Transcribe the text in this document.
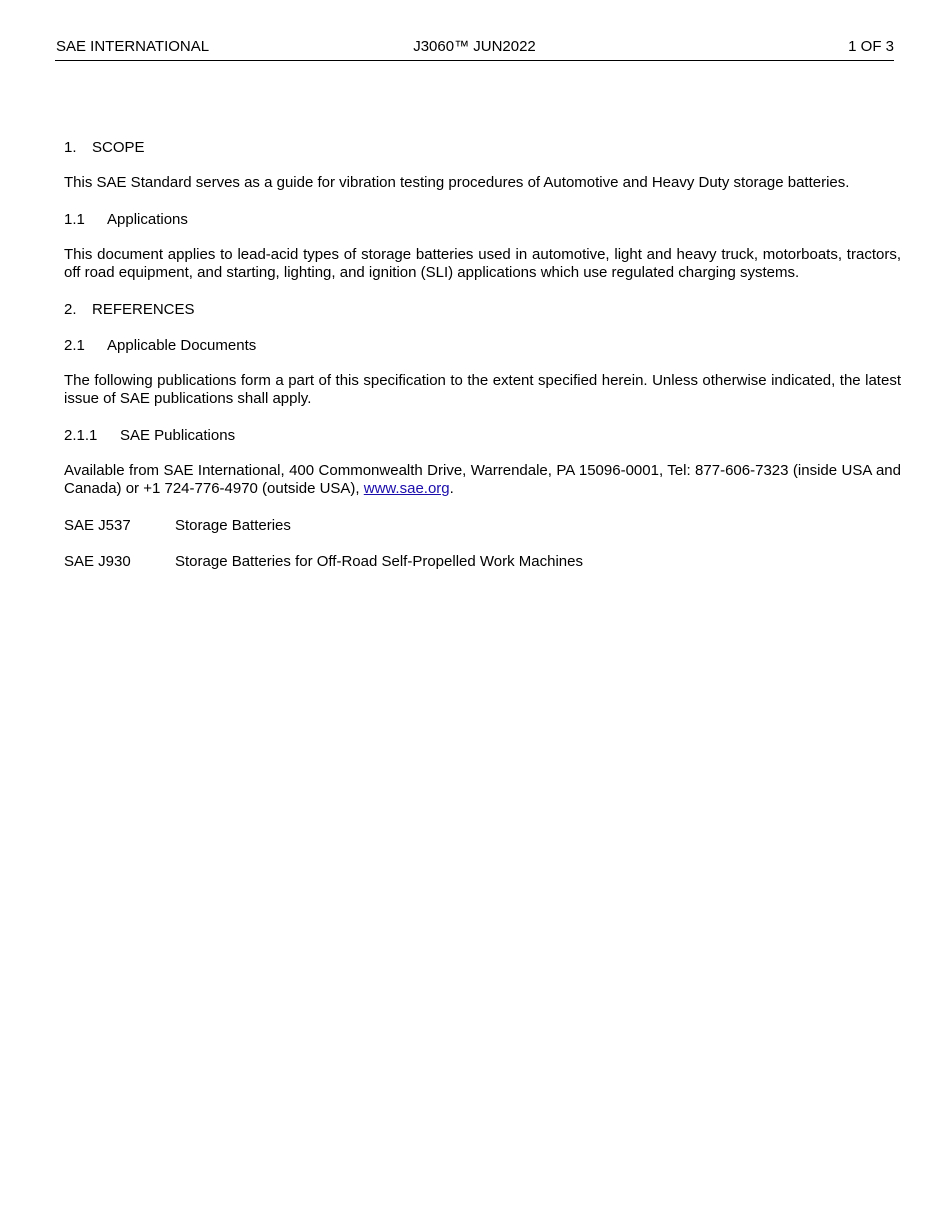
SAE INTERNATIONAL	J3060™ JUN2022	1 OF 3
1. SCOPE

This SAE Standard serves as a guide for vibration testing procedures of Automotive and Heavy Duty storage batteries.

1.1 Applications

This document applies to lead-acid types of storage batteries used in automotive, light and heavy truck, motorboats, tractors, off road equipment, and starting, lighting, and ignition (SLI) applications which use regulated charging systems.

2. REFERENCES
2.1 Applicable Documents

The following publications form a part of this specification to the extent specified herein. Unless otherwise indicated, the latest issue of SAE publications shall apply.

2.1.1 SAE Publications

Available from SAE International, 400 Commonwealth Drive, Warrendale, PA 15096-0001, Tel: 877-606-7323 (inside USA and Canada) or +1 724-776-4970 (outside USA), www.sae.org.

SAE J537	Storage Batteries
SAE J930	Storage Batteries for Off-Road Self-Propelled Work Machines
